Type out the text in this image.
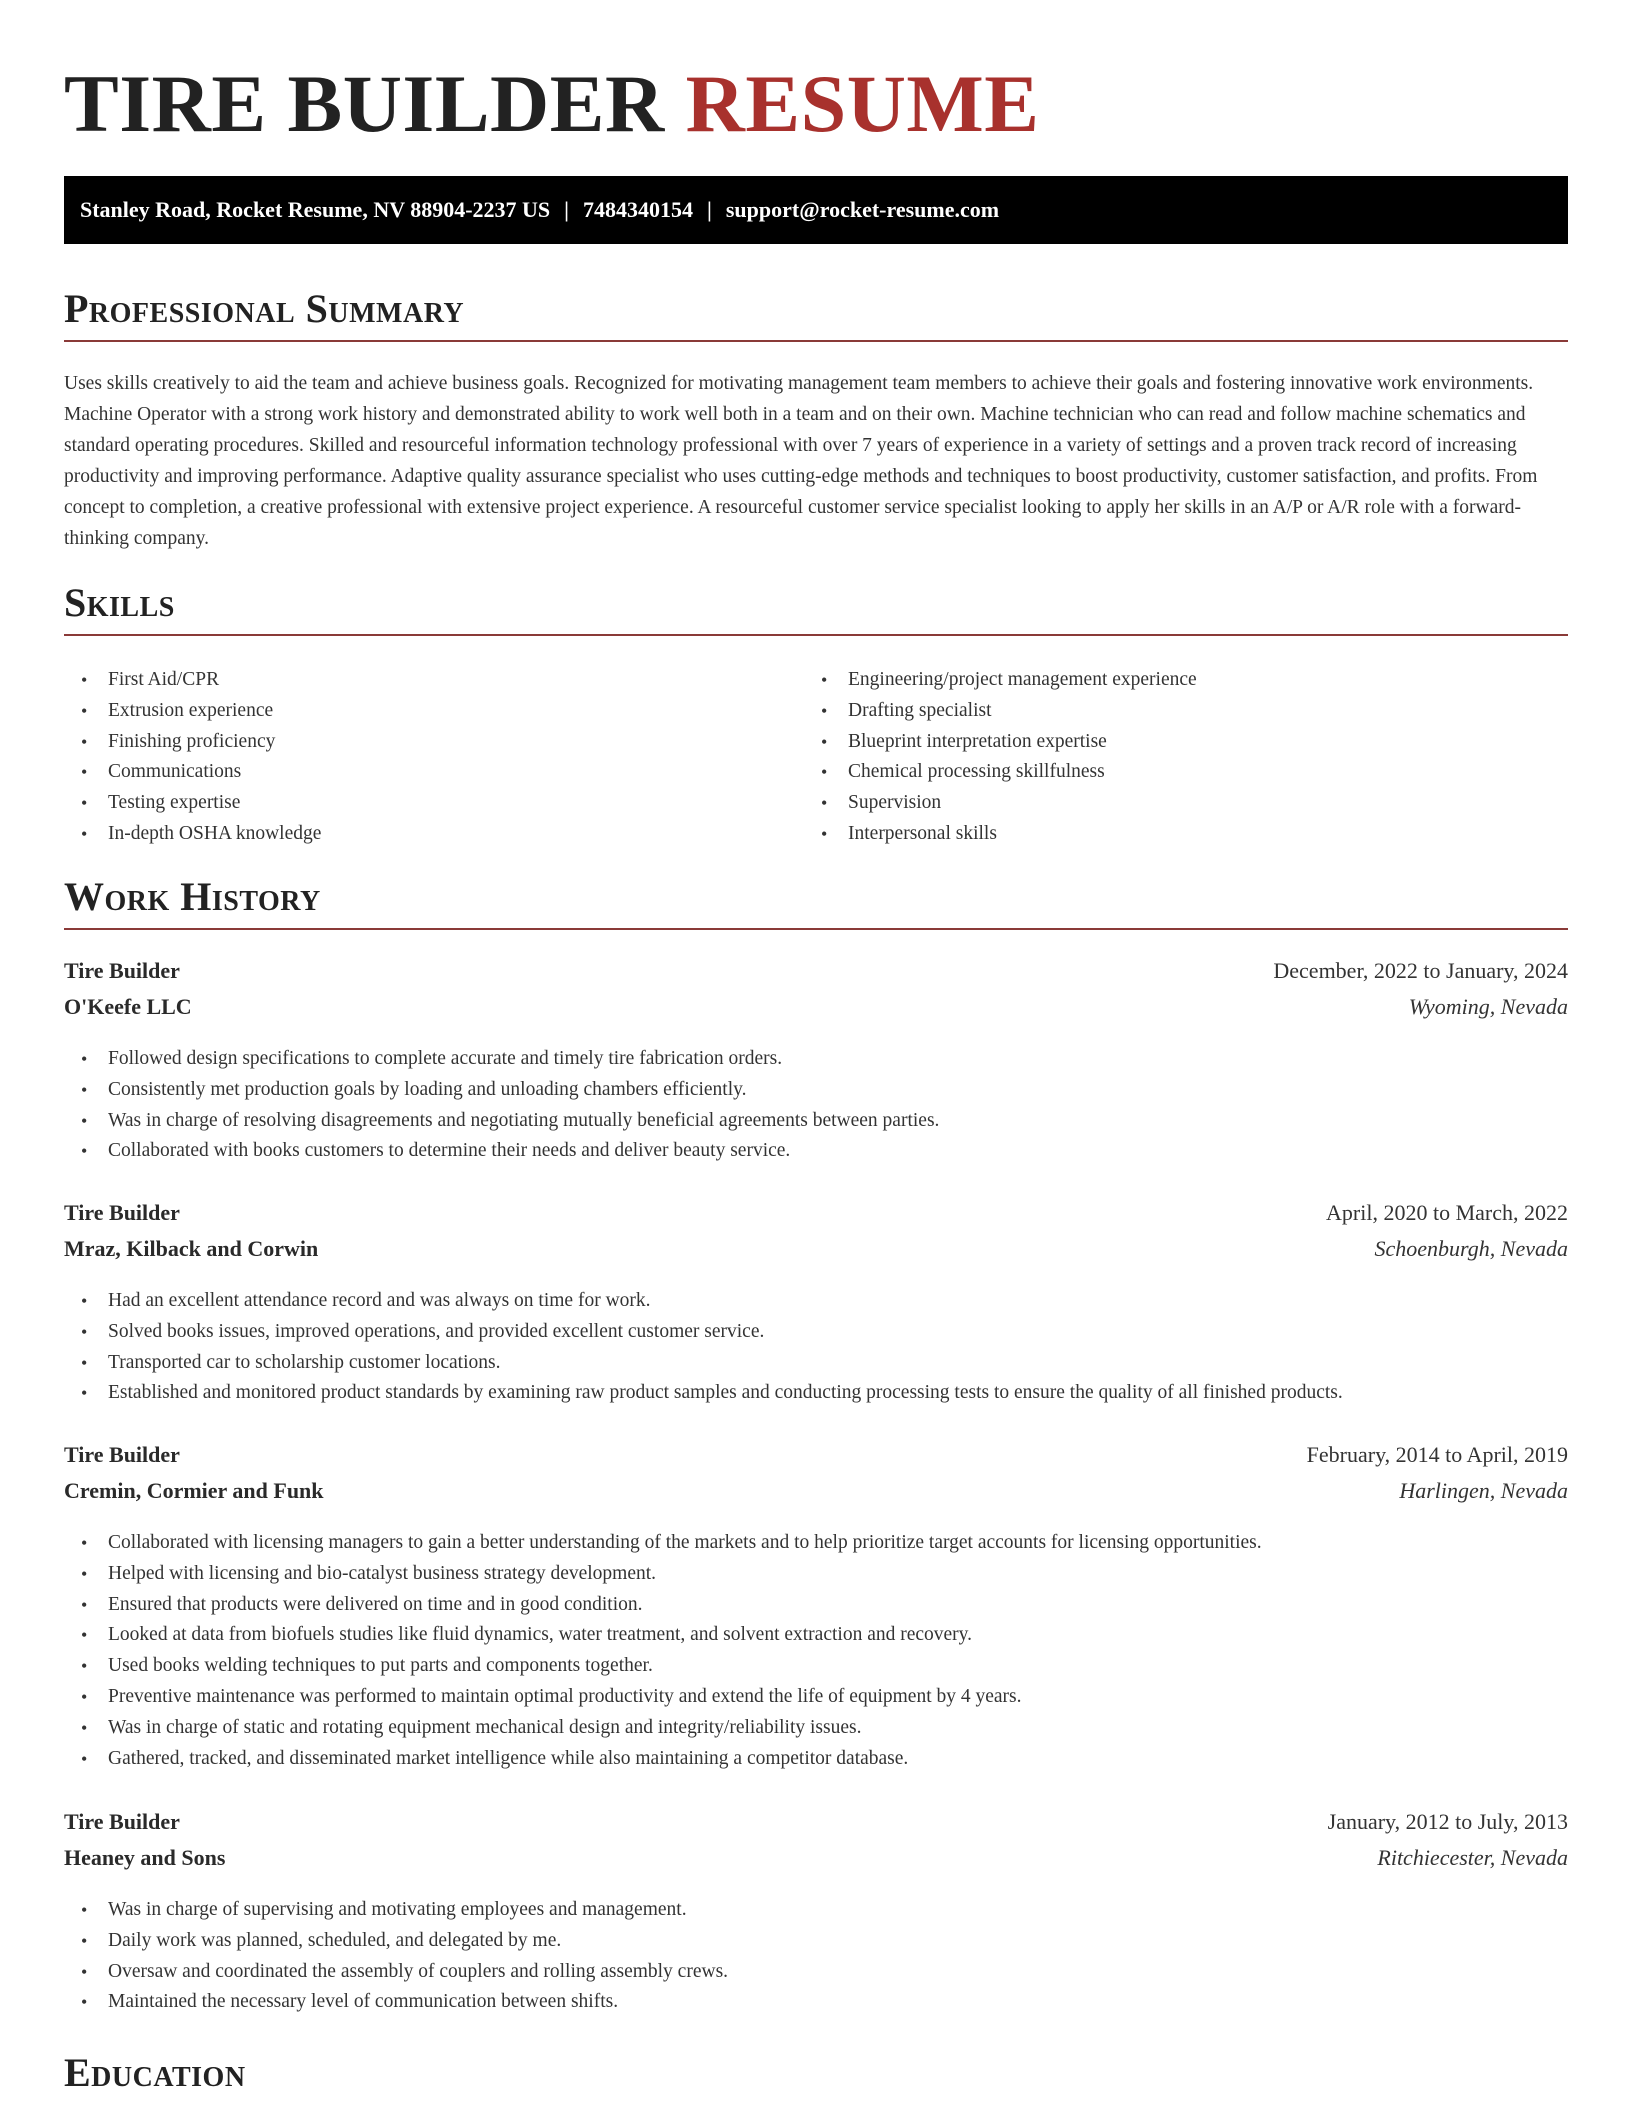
TIRE BUILDER RESUME
Stanley Road, Rocket Resume, NV 88904-2237 US | 7484340154 | support@rocket-resume.com
Professional Summary

Uses skills creatively to aid the team and achieve business goals. Recognized for motivating management team members to achieve their goals and fostering innovative work environments. Machine Operator with a strong work history and demonstrated ability to work well both in a team and on their own. Machine technician who can read and follow machine schematics and standard operating procedures. Skilled and resourceful information technology professional with over 7 years of experience in a variety of settings and a proven track record of increasing productivity and improving performance. Adaptive quality assurance specialist who uses cutting-edge methods and techniques to boost productivity, customer satisfaction, and profits. From concept to completion, a creative professional with extensive project experience. A resourceful customer service specialist looking to apply her skills in an A/P or A/R role with a forward-thinking company.

Skills
• First Aid/CPR
• Extrusion experience
• Finishing proficiency
• Communications
• Testing expertise
• In-depth OSHA knowledge
• Engineering/project management experience
• Drafting specialist
• Blueprint interpretation expertise
• Chemical processing skillfulness
• Supervision
• Interpersonal skills
Work History
Tire Builder	December, 2022 to January, 2024
O'Keefe LLC	Wyoming, Nevada
• Followed design specifications to complete accurate and timely tire fabrication orders.
• Consistently met production goals by loading and unloading chambers efficiently.
• Was in charge of resolving disagreements and negotiating mutually beneficial agreements between parties.
• Collaborated with books customers to determine their needs and deliver beauty service.
Tire Builder	April, 2020 to March, 2022
Mraz, Kilback and Corwin	Schoenburgh, Nevada
• Had an excellent attendance record and was always on time for work.
• Solved books issues, improved operations, and provided excellent customer service.
• Transported car to scholarship customer locations.
• Established and monitored product standards by examining raw product samples and conducting processing tests to ensure the quality of all finished products.
Tire Builder	February, 2014 to April, 2019
Cremin, Cormier and Funk	Harlingen, Nevada
• Collaborated with licensing managers to gain a better understanding of the markets and to help prioritize target accounts for licensing opportunities.
• Helped with licensing and bio-catalyst business strategy development.
• Ensured that products were delivered on time and in good condition.
• Looked at data from biofuels studies like fluid dynamics, water treatment, and solvent extraction and recovery.
• Used books welding techniques to put parts and components together.
• Preventive maintenance was performed to maintain optimal productivity and extend the life of equipment by 4 years.
• Was in charge of static and rotating equipment mechanical design and integrity/reliability issues.
• Gathered, tracked, and disseminated market intelligence while also maintaining a competitor database.
Tire Builder	January, 2012 to July, 2013
Heaney and Sons	Ritchiecester, Nevada
• Was in charge of supervising and motivating employees and management.
• Daily work was planned, scheduled, and delegated by me.
• Oversaw and coordinated the assembly of couplers and rolling assembly crews.
• Maintained the necessary level of communication between shifts.
Education
